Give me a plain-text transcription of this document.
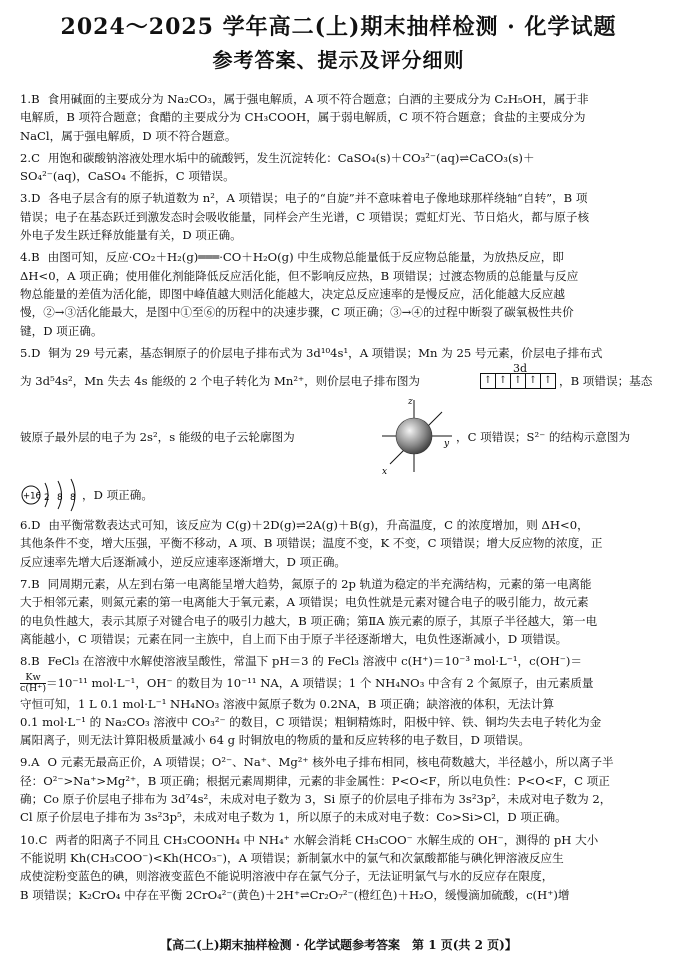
2024～2025 学年高二(上)期末抽样检测 · 化学试题
参考答案、提示及评分细则
1.B 食用碱面的主要成分为 Na₂CO₃，属于强电解质，A 项不符合题意；白酒的主要成分为 C₂H₅OH，属于非
电解质，B 项符合题意；食醋的主要成分为 CH₃COOH，属于弱电解质，C 项不符合题意；食盐的主要成分为
NaCl，属于强电解质，D 项不符合题意。
2.C 用饱和碳酸钠溶液处理水垢中的硫酸钙，发生沉淀转化：CaSO₄(s)＋CO₃²⁻(aq)⇌CaCO₃(s)＋
SO₄²⁻(aq)，CaSO₄ 不能拆，C 项错误。
3.D 各电子层含有的原子轨道数为 n²，A 项错误；电子的“自旋”并不意味着电子像地球那样绕轴“自转”，B 项
错误；电子在基态跃迁到激发态时会吸收能量，同样会产生光谱，C 项错误；霓虹灯光、节日焰火，都与原子核
外电子发生跃迁释放能量有关，D 项正确。
4.B 由图可知，反应·CO₂＋H₂(g)═══·CO＋H₂O(g) 中生成物总能量低于反应物总能量，为放热反应，即
ΔH<0，A 项正确；使用催化剂能降低反应活化能，但不影响反应热，B 项错误；过渡态物质的总能量与反应
物总能量的差值为活化能，即图中峰值越大则活化能越大，决定总反应速率的是慢反应，活化能越大反应越
慢，②→③活化能最大，是图中①至⑥的历程中的决速步骤，C 项正确；③→④的过程中断裂了碳氧极性共价
键，D 项正确。
5.D 铜为 29 号元素，基态铜原子的价层电子排布式为 3d¹⁰4s¹，A 项错误；Mn 为 25 号元素，价层电子排布式
为 3d⁵4s²，Mn 失去 4s 能级的 2 个电子转化为 Mn²⁺，则价层电子排布图为
3d
↑ ↑ ↑ ↑ ↑ ，B 项错误；基态
铍原子最外层的电子为 2s²，s 能级的电子云轮廓图为
z
x
y ，C 项错误；S²⁻ 的结构示意图为
+16 2 8 8 ，D 项正确。
6.D 由平衡常数表达式可知，该反应为 C(g)＋2D(g)⇌2A(g)＋B(g)，升高温度，C 的浓度增加，则 ΔH<0，
其他条件不变，增大压强，平衡不移动，A 项、B 项错误；温度不变，K 不变，C 项错误；增大反应物的浓度，正
反应速率先增大后逐渐减小，逆反应速率逐渐增大，D 项正确。
7.B 同周期元素，从左到右第一电离能呈增大趋势，氮原子的 2p 轨道为稳定的半充满结构，元素的第一电离能
大于相邻元素，则氮元素的第一电离能大于氧元素，A 项错误；电负性就是元素对键合电子的吸引能力，故元素
的电负性越大，表示其原子对键合电子的吸引力越大，B 项正确；第ⅡA 族元素的原子，其原子半径越大，第一电
离能越小，C 项错误；元素在同一主族中，自上而下由于原子半径逐渐增大，电负性逐渐减小，D 项错误。
8.B FeCl₃ 在溶液中水解使溶液呈酸性，常温下 pH＝3 的 FeCl₃ 溶液中 c(H⁺)＝10⁻³ mol·L⁻¹，c(OH⁻)＝
$\frac{Kw}{c(H^+)} =10^{-11}$ mol·L⁻¹，OH⁻ 的数目为 10⁻¹¹ NA，A 项错误；1 个 NH₄NO₃ 中含有 2 个氮原子，由元素质量
守恒可知，1 L 0.1 mol·L⁻¹ NH₄NO₃ 溶液中氮原子数为 0.2NA，B 项正确；缺溶液的体积，无法计算
0.1 mol·L⁻¹ 的 Na₂CO₃ 溶液中 CO₃²⁻ 的数目，C 项错误；粗铜精炼时，阳极中锌、铁、铜均失去电子转化为金
属阳离子，则无法计算阳极质量减小 64 g 时铜放电的物质的量和反应转移的电子数目，D 项错误。
9.A O 元素无最高正价，A 项错误；O²⁻、Na⁺、Mg²⁺ 核外电子排布相同，核电荷数越大，半径越小，所以离子半
径：O²⁻>Na⁺>Mg²⁺，B 项正确；根据元素周期律，元素的非金属性：P<O<F，所以电负性：P<O<F，C 项正
确；Co 原子价层电子排布为 3d⁷4s²，未成对电子数为 3，Si 原子的价层电子排布为 3s²3p²，未成对电子数为 2，
Cl 原子价层电子排布为 3s²3p⁵，未成对电子数为 1，所以原子的未成对电子数：Co>Si>Cl，D 项正确。
10.C 两者的阳离子不同且 CH₃COONH₄ 中 NH₄⁺ 水解会消耗 CH₃COO⁻ 水解生成的 OH⁻，测得的 pH 大小
不能说明 Kh(CH₃COO⁻)<Kh(HCO₃⁻)，A 项错误；新制氯水中的氯气和次氯酸都能与碘化钾溶液反应生
成使淀粉变蓝色的碘，则溶液变蓝色不能说明溶液中存在氯气分子，无法证明氯气与水的反应存在限度，
B 项错误；K₂CrO₄ 中存在平衡 2CrO₄²⁻(黄色)＋2H⁺⇌Cr₂O₇²⁻(橙红色)＋H₂O，缓慢滴加硫酸，c(H⁺)增
【高二(上)期末抽样检测 · 化学试题参考答案　第 1 页(共 2 页)】
